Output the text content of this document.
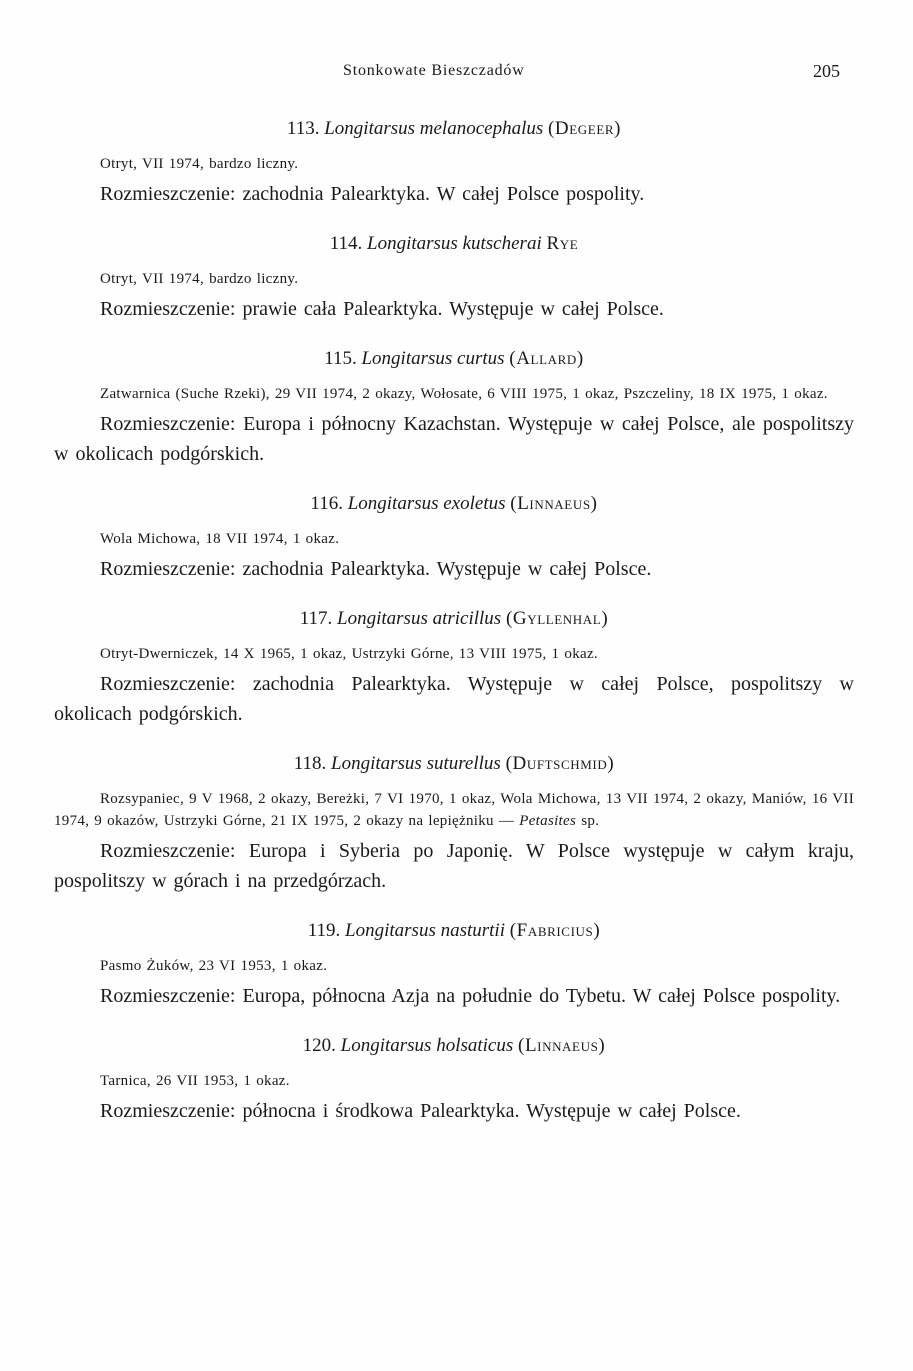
Stonkowate Bieszczadów	205

113. Longitarsus melanocephalus (Degeer)

Otryt, VII 1974, bardzo liczny.

Rozmieszczenie: zachodnia Palearktyka. W całej Polsce pospolity.

114. Longitarsus kutscherai Rye

Otryt, VII 1974, bardzo liczny.

Rozmieszczenie: prawie cała Palearktyka. Występuje w całej Polsce.

115. Longitarsus curtus (Allard)

Zatwarnica (Suche Rzeki), 29 VII 1974, 2 okazy, Wołosate, 6 VIII 1975, 1 okaz, Pszczeliny, 18 IX 1975, 1 okaz.

Rozmieszczenie: Europa i północny Kazachstan. Występuje w całej Polsce, ale pospolitszy w okolicach podgórskich.

116. Longitarsus exoletus (Linnaeus)

Wola Michowa, 18 VII 1974, 1 okaz.

Rozmieszczenie: zachodnia Palearktyka. Występuje w całej Polsce.

117. Longitarsus atricillus (Gyllenhal)

Otryt-Dwerniczek, 14 X 1965, 1 okaz, Ustrzyki Górne, 13 VIII 1975, 1 okaz.

Rozmieszczenie: zachodnia Palearktyka. Występuje w całej Polsce, pospolitszy w okolicach podgórskich.

118. Longitarsus suturellus (Duftschmid)

Rozsypaniec, 9 V 1968, 2 okazy, Bereżki, 7 VI 1970, 1 okaz, Wola Michowa, 13 VII 1974, 2 okazy, Maniów, 16 VII 1974, 9 okazów, Ustrzyki Górne, 21 IX 1975, 2 okazy na lepiężniku — Petasites sp.

Rozmieszczenie: Europa i Syberia po Japonię. W Polsce występuje w całym kraju, pospolitszy w górach i na przedgórzach.

119. Longitarsus nasturtii (Fabricius)

Pasmo Żuków, 23 VI 1953, 1 okaz.

Rozmieszczenie: Europa, północna Azja na południe do Tybetu. W całej Polsce pospolity.

120. Longitarsus holsaticus (Linnaeus)

Tarnica, 26 VII 1953, 1 okaz.

Rozmieszczenie: północna i środkowa Palearktyka. Występuje w całej Polsce.
